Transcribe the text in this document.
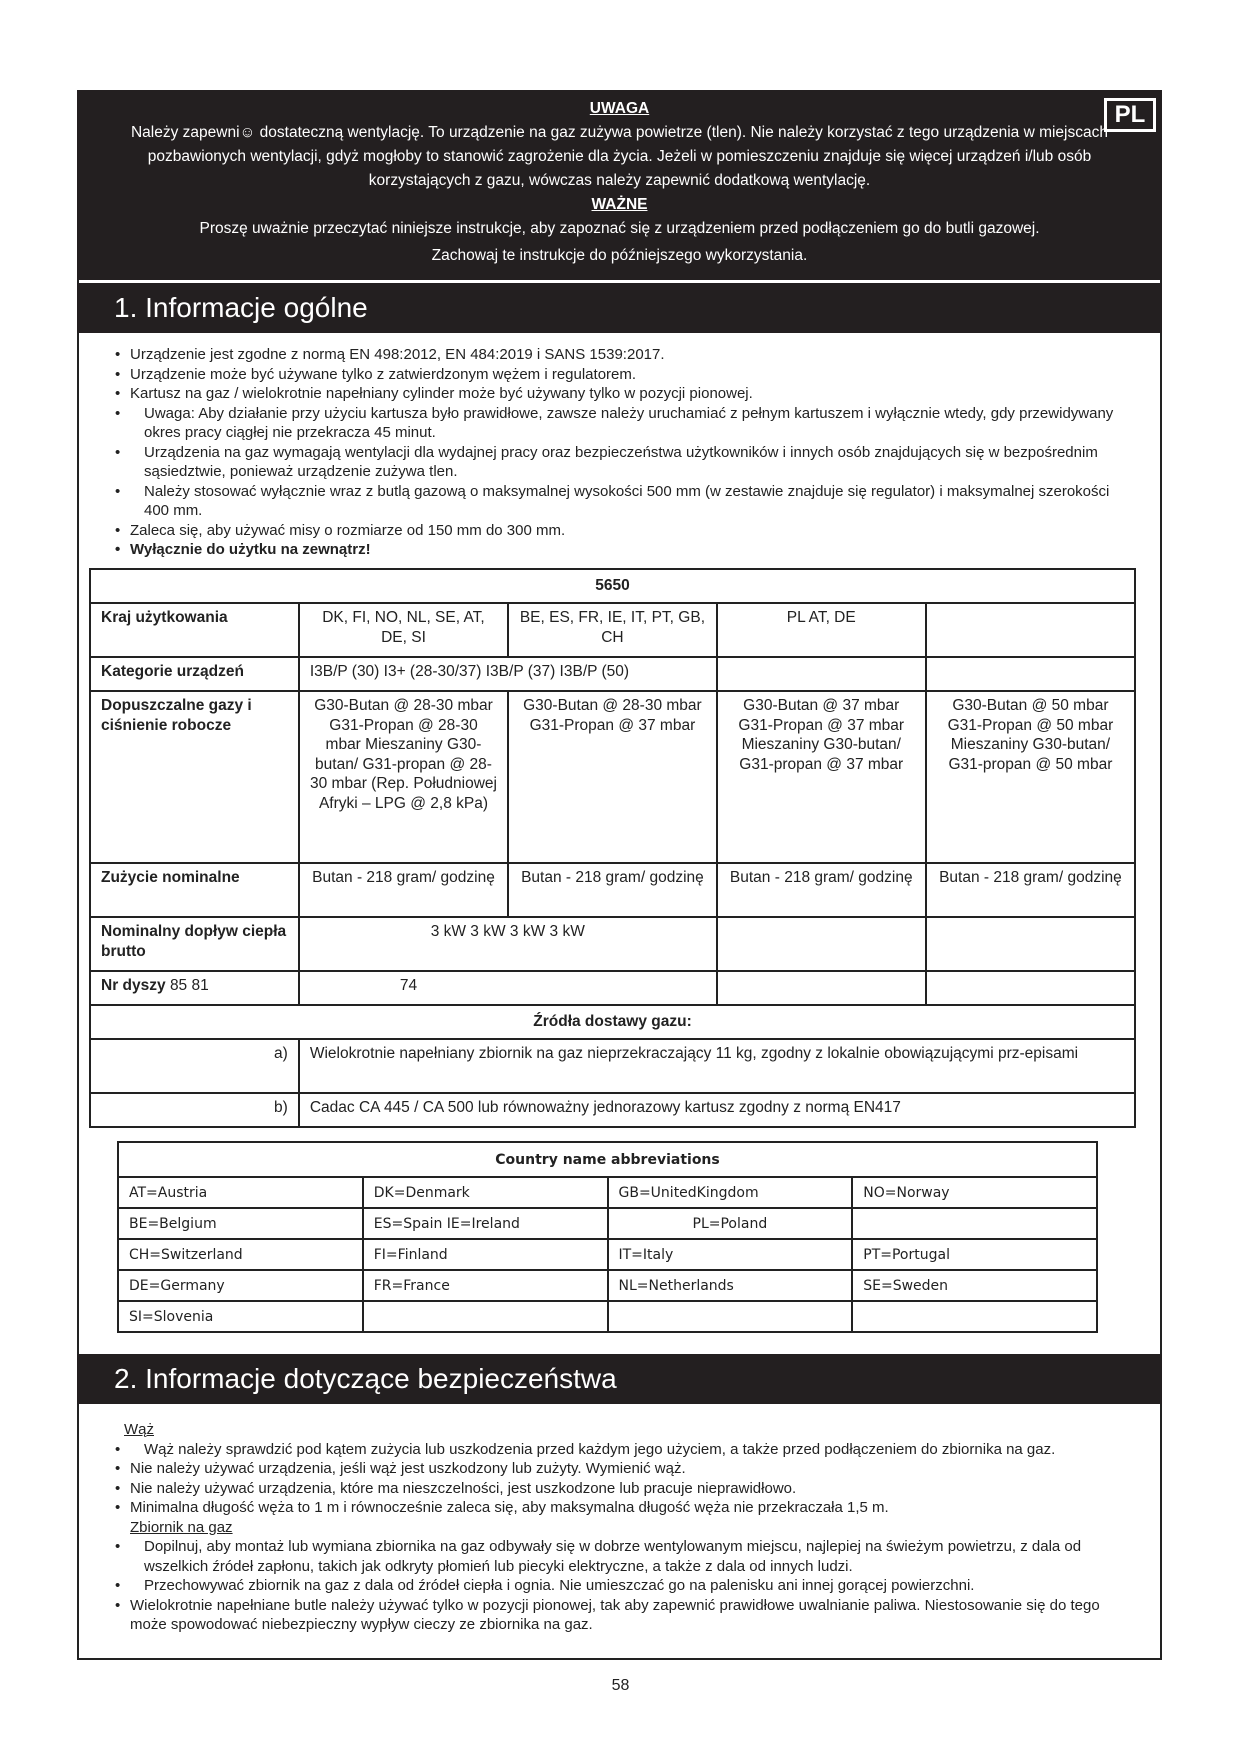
PL
UWAGA

Należy zapewni☺ dostateczną wentylację. To urządzenie na gaz zużywa powietrze (tlen). Nie należy korzystać z tego urządzenia w miejscach pozbawionych wentylacji, gdyż mogłoby to stanowić zagrożenie dla życia. Jeżeli w pomieszczeniu znajduje się więcej urządzeń i/lub osób korzystających z gazu, wówczas należy zapewnić dodatkową wentylację.

WAŻNE

Proszę uważnie przeczytać niniejsze instrukcje, aby zapoznać się z urządzeniem przed podłączeniem go do butli gazowej.

Zachowaj te instrukcje do późniejszego wykorzystania.

1. Informacje ogólne
• Urządzenie jest zgodne z normą EN 498:2012, EN 484:2019 i SANS 1539:2017.
• Urządzenie może być używane tylko z zatwierdzonym wężem i regulatorem.
• Kartusz na gaz / wielokrotnie napełniany cylinder może być używany tylko w pozycji pionowej.
• Uwaga: Aby działanie przy użyciu kartusza było prawidłowe, zawsze należy uruchamiać z pełnym kartuszem i wyłącznie wtedy, gdy przewidywany okres pracy ciągłej nie przekracza 45 minut.
• Urządzenia na gaz wymagają wentylacji dla wydajnej pracy oraz bezpieczeństwa użytkowników i innych osób znajdujących się w bezpośrednim sąsiedztwie, ponieważ urządzenie zużywa tlen.
• Należy stosować wyłącznie wraz z butlą gazową o maksymalnej wysokości 500 mm (w zestawie znajduje się regulator) i maksymalnej szerokości 400 mm.
• Zaleca się, aby używać misy o rozmiarze od 150 mm do 300 mm.
• Wyłącznie do użytku na zewnątrz!
5650				
Kraj użytkowania	DK, FI, NO, NL, SE, AT, DE, SI	BE, ES, FR, IE, IT, PT, GB, CH	PL AT, DE	
Kategorie urządzeń	I3B/P (30) I3+ (28-30/37) I3B/P (37) I3B/P (50)			
Dopuszczalne gazy i ciśnienie robocze	G30-Butan @ 28-30 mbar G31-Propan @ 28-30 mbar Mieszaniny G30-butan/ G31-propan @ 28-30 mbar (Rep. Południowej Afryki – LPG @ 2,8 kPa)	G30-Butan @ 28-30 mbar G31-Propan @ 37 mbar	G30-Butan @ 37 mbar G31-Propan @ 37 mbar Mieszaniny G30-butan/ G31-propan @ 37 mbar	G30-Butan @ 50 mbar G31-Propan @ 50 mbar Mieszaniny G30-butan/ G31-propan @ 50 mbar
Zużycie nominalne	Butan - 218 gram/ godzinę	Butan - 218 gram/ godzinę	Butan - 218 gram/ godzinę	Butan - 218 gram/ godzinę
Nominalny dopływ ciepła brutto	3 kW 3 kW 3 kW 3 kW			
Nr dyszy 85 81	74			
Źródła dostawy gazu:				
a)	Wielokrotnie napełniany zbiornik na gaz nieprzekraczający 11 kg, zgodny z lokalnie obowiązującymi prz-episami			
b)	Cadac CA 445 / CA 500 lub równoważny jednorazowy kartusz zgodny z normą EN417			
Country name abbreviations			
AT=Austria	DK=Denmark	GB=UnitedKingdom	NO=Norway
BE=Belgium	ES=Spain IE=Ireland	PL=Poland	
CH=Switzerland	FI=Finland	IT=Italy	PT=Portugal
DE=Germany	FR=France	NL=Netherlands	SE=Sweden
SI=Slovenia			
2. Informacje dotyczące bezpieczeństwa
Wąż
• Wąż należy sprawdzić pod kątem zużycia lub uszkodzenia przed każdym jego użyciem, a także przed podłączeniem do zbiornika na gaz.
• Nie należy używać urządzenia, jeśli wąż jest uszkodzony lub zużyty. Wymienić wąż.
• Nie należy używać urządzenia, które ma nieszczelności, jest uszkodzone lub pracuje nieprawidłowo.
• Minimalna długość węża to 1 m i równocześnie zaleca się, aby maksymalna długość węża nie przekraczała 1,5 m.
Zbiornik na gaz
• Dopilnuj, aby montaż lub wymiana zbiornika na gaz odbywały się w dobrze wentylowanym miejscu, najlepiej na świeżym powietrzu, z dala od wszelkich źródeł zapłonu, takich jak odkryty płomień lub piecyki elektryczne, a także z dala od innych ludzi.
• Przechowywać zbiornik na gaz z dala od źródeł ciepła i ognia. Nie umieszczać go na palenisku ani innej gorącej powierzchni.
• Wielokrotnie napełniane butle należy używać tylko w pozycji pionowej, tak aby zapewnić prawidłowe uwalnianie paliwa. Niestosowanie się do tego może spowodować niebezpieczny wypływ cieczy ze zbiornika na gaz.
58
